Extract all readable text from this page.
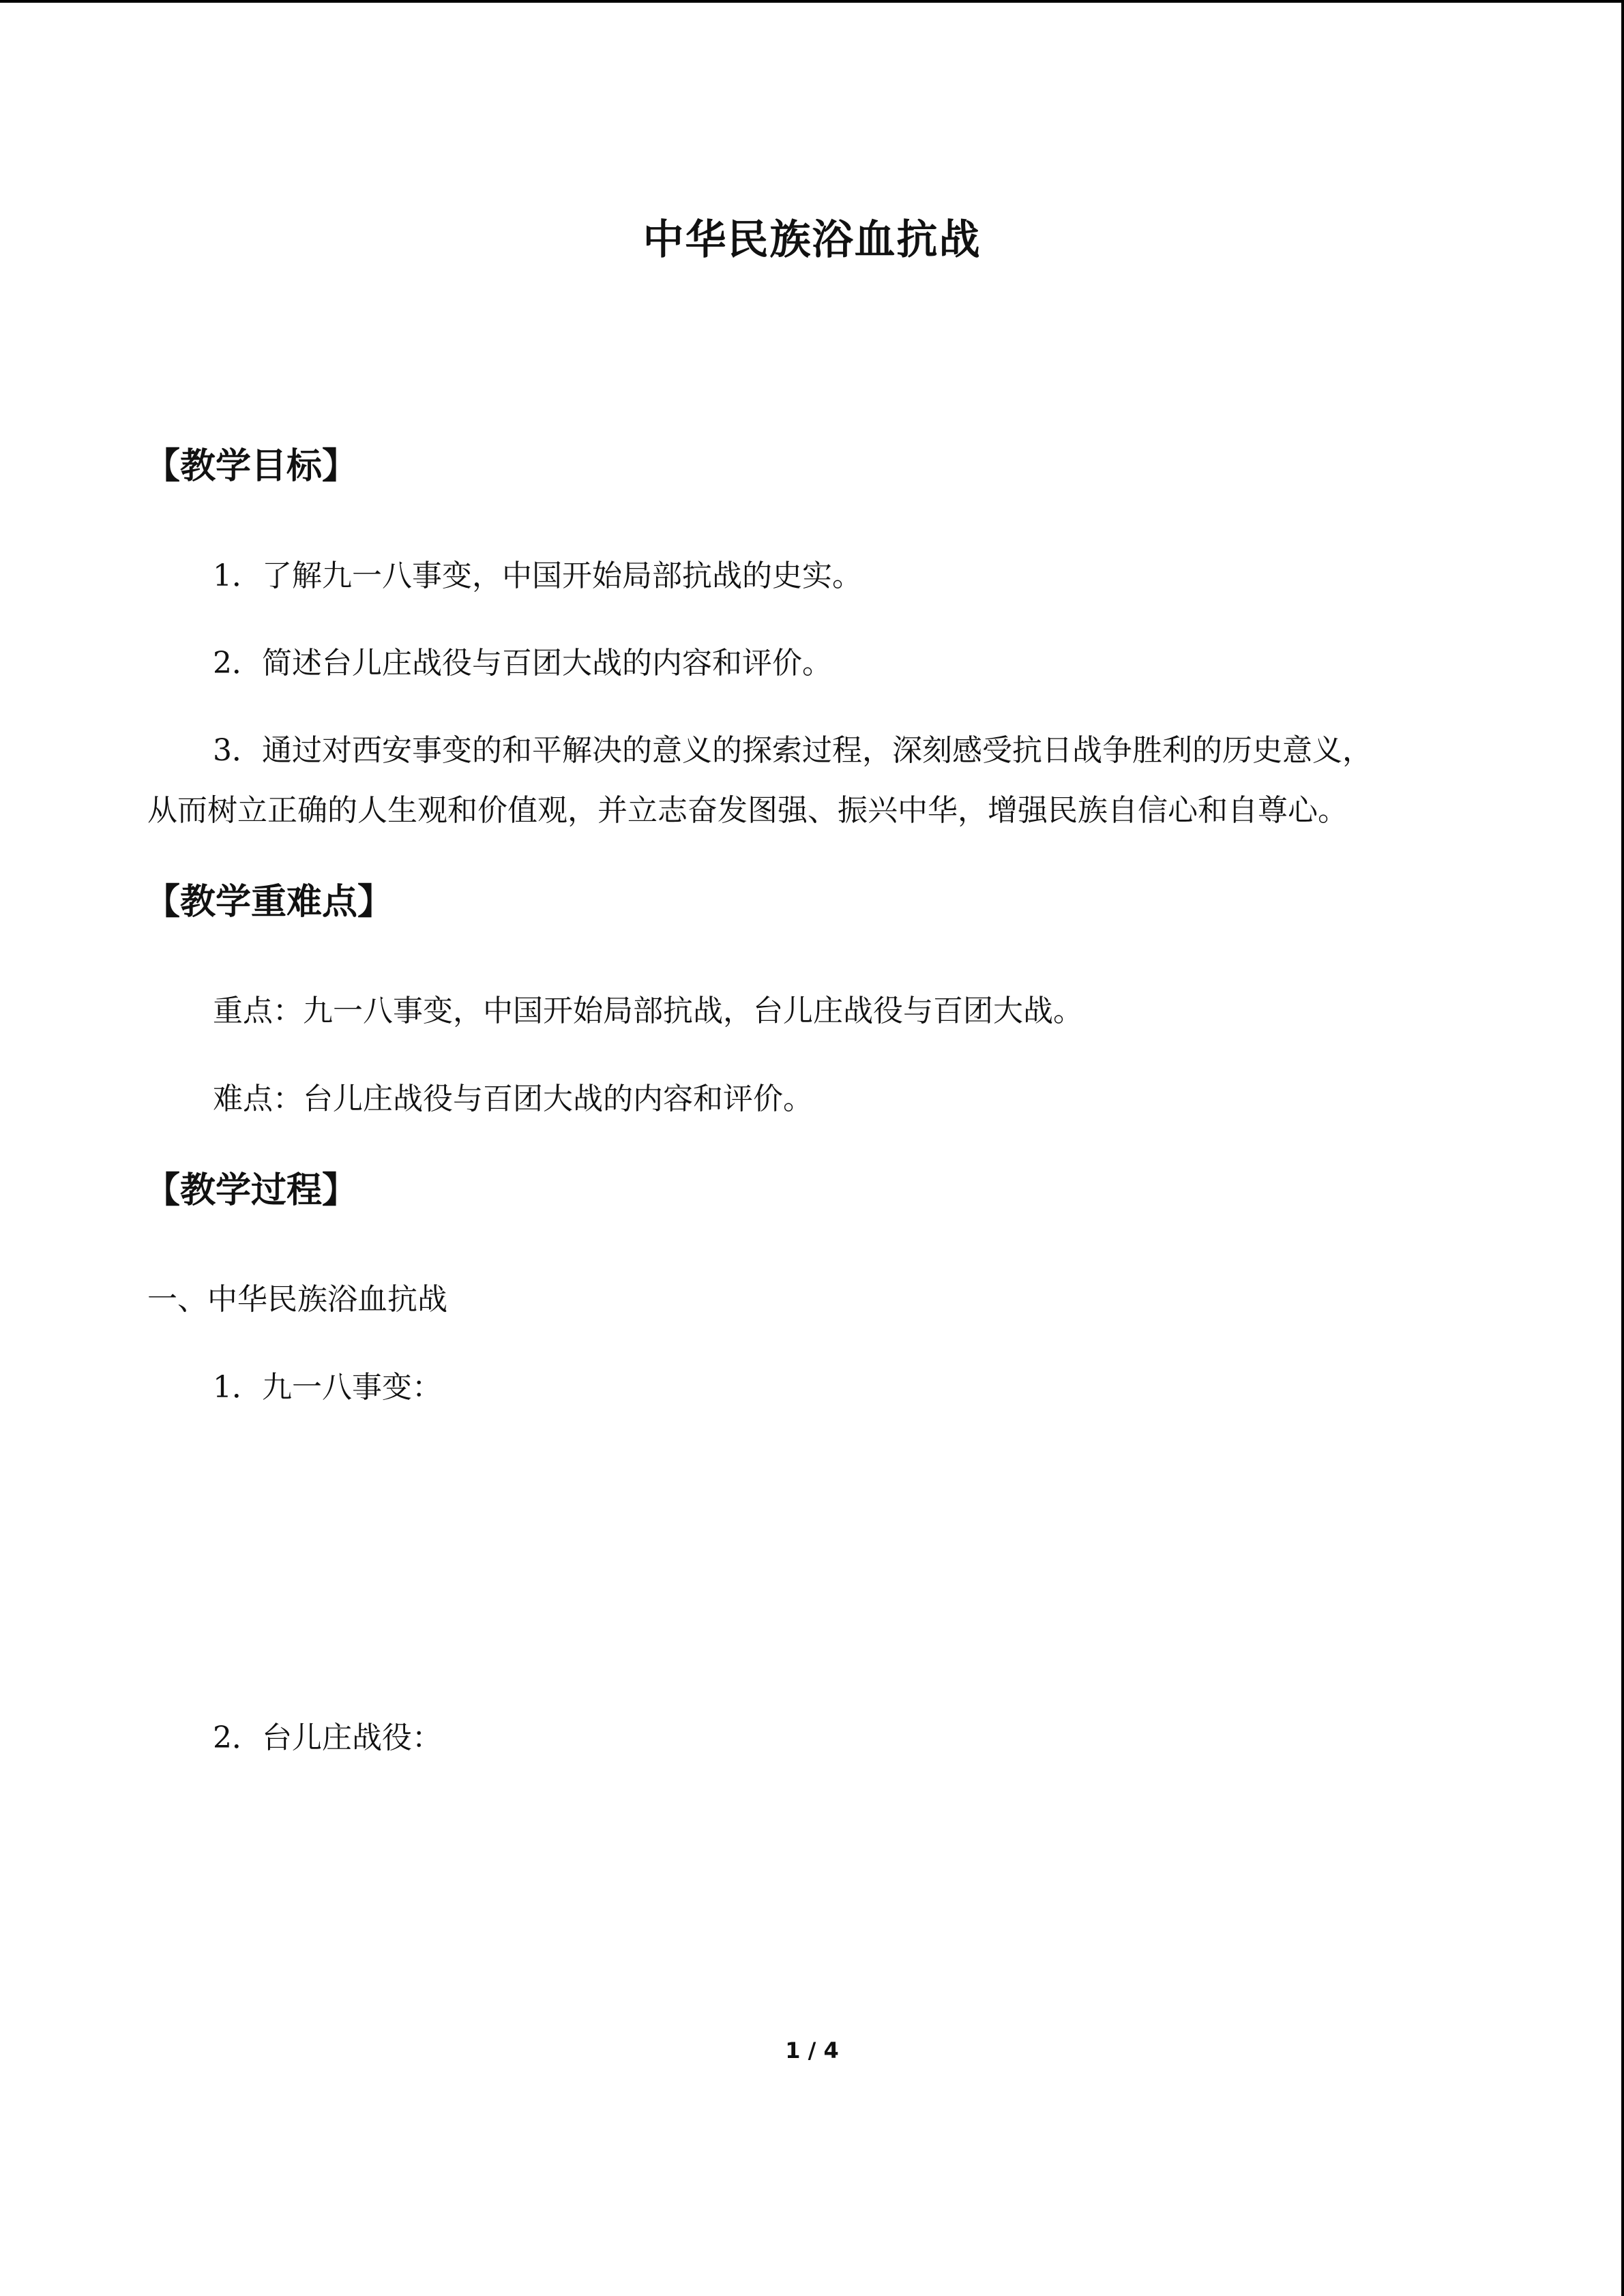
中华民族浴血抗战
【教学目标】
1．了解九一八事变，中国开始局部抗战的史实。
2．简述台儿庄战役与百团大战的内容和评价。
3．通过对西安事变的和平解决的意义的探索过程，深刻感受抗日战争胜利的历史意义，
从而树立正确的人生观和价值观，并立志奋发图强、振兴中华，增强民族自信心和自尊心。
【教学重难点】
重点：九一八事变，中国开始局部抗战，台儿庄战役与百团大战。
难点：台儿庄战役与百团大战的内容和评价。
【教学过程】
一、中华民族浴血抗战
1．九一八事变：
2．台儿庄战役：
1 / 4
